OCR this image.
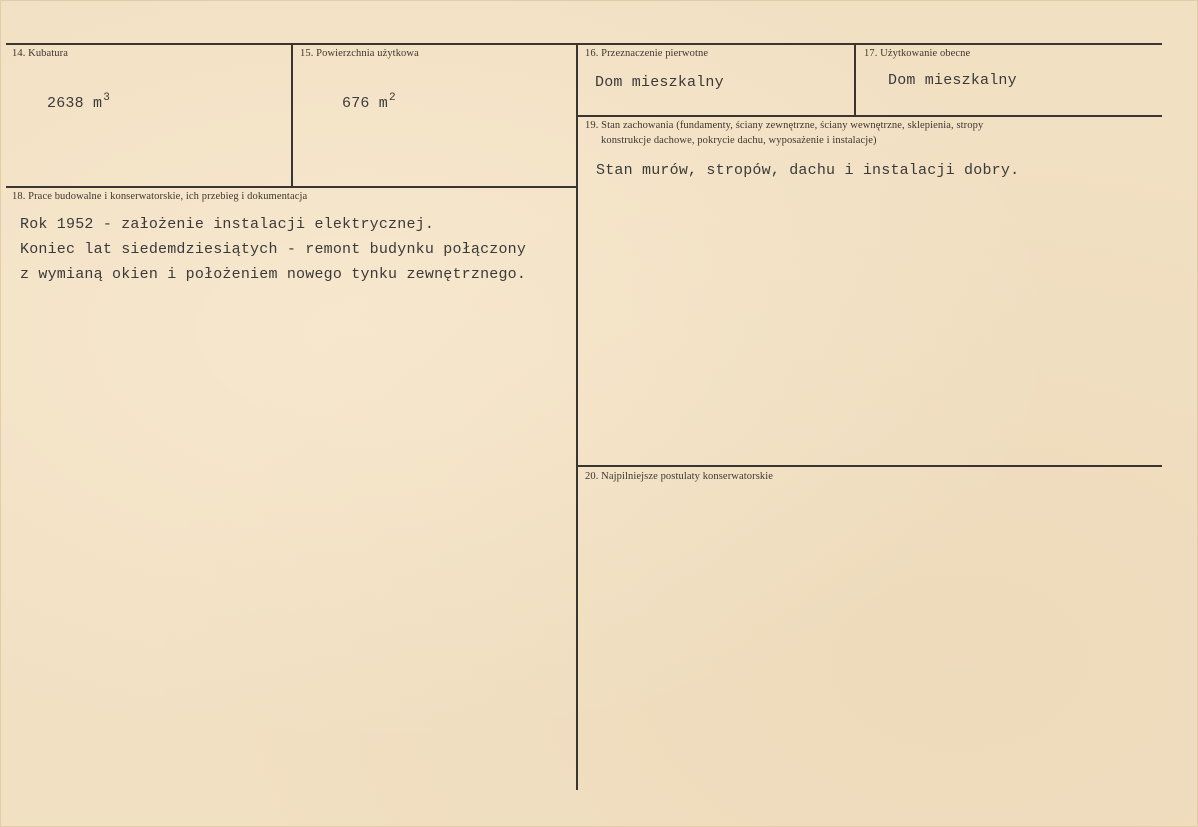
14. Kubatura
2638 $m^3$
15. Powierzchnia użytkowa
676 $m^2$
16. Przeznaczenie pierwotne
Dom mieszkalny
17. Użytkowanie obecne
Dom mieszkalny
19. Stan zachowania (fundamenty, ściany zewnętrzne, ściany wewnętrzne, sklepienia, stropy
konstrukcje dachowe, pokrycie dachu, wyposażenie i instalacje)
Stan murów, stropów, dachu i instalacji dobry.
18. Prace budowalne i konserwatorskie, ich przebieg i dokumentacja
Rok 1952 - założenie instalacji elektrycznej.
Koniec lat siedemdziesiątych - remont budynku połączony
z wymianą okien i położeniem nowego tynku zewnętrznego.
20. Najpilniejsze postulaty konserwatorskie
